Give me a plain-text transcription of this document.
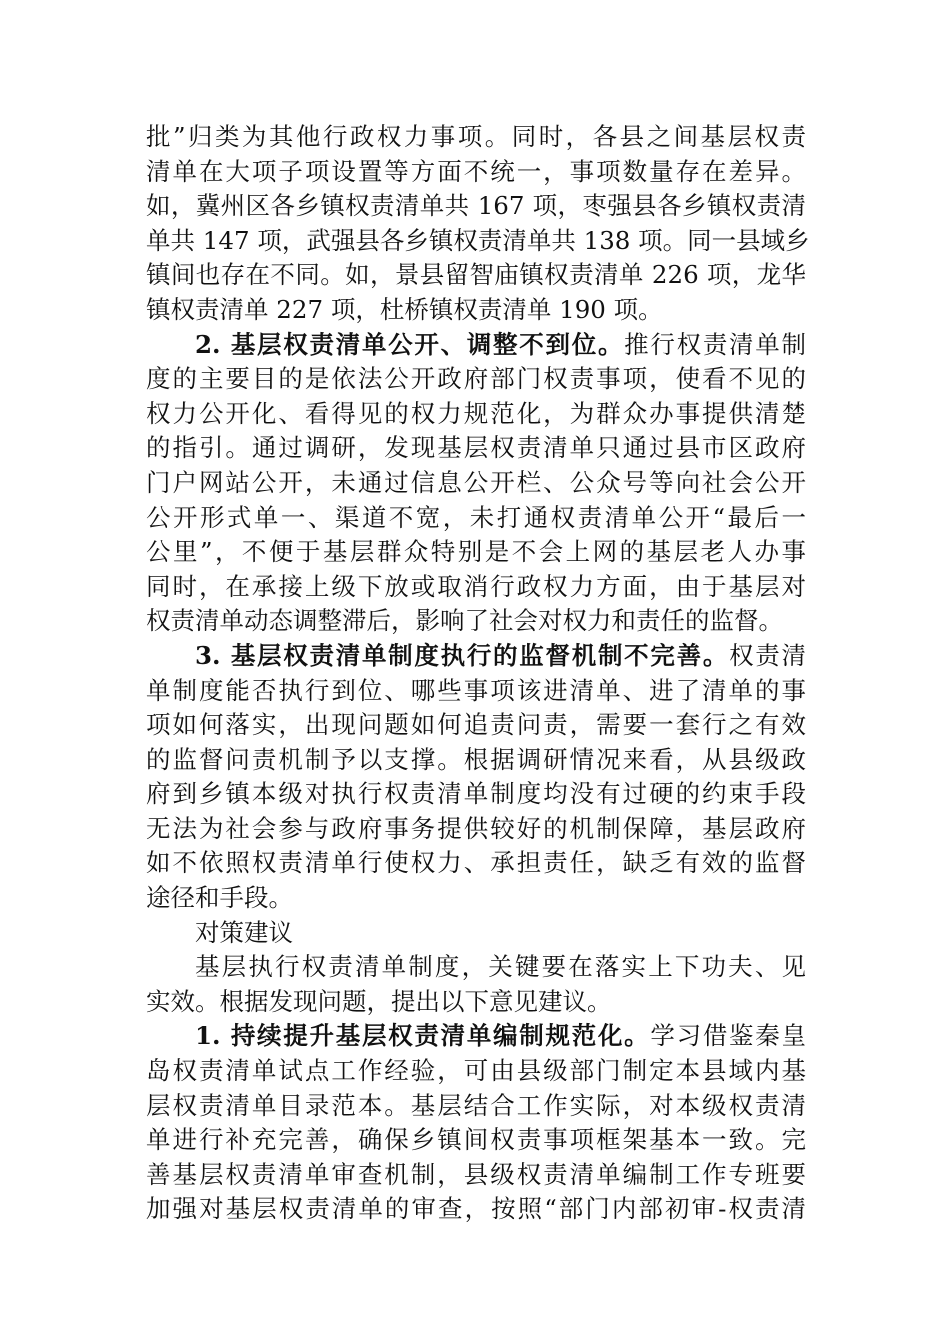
批”归类为其他行政权力事项。同时，各县之间基层权责
清单在大项子项设置等方面不统一，事项数量存在差异。
如，冀州区各乡镇权责清单共 167 项，枣强县各乡镇权责清
单共 147 项，武强县各乡镇权责清单共 138 项。同一县域乡
镇间也存在不同。如，景县留智庙镇权责清单 226 项，龙华
镇权责清单 227 项，杜桥镇权责清单 190 项。
2. 基层权责清单公开、调整不到位。推行权责清单制
度的主要目的是依法公开政府部门权责事项，使看不见的
权力公开化、看得见的权力规范化，为群众办事提供清楚
的指引。通过调研，发现基层权责清单只通过县市区政府
门户网站公开，未通过信息公开栏、公众号等向社会公开
公开形式单一、渠道不宽，未打通权责清单公开“最后一
公里”，不便于基层群众特别是不会上网的基层老人办事
同时，在承接上级下放或取消行政权力方面，由于基层对
权责清单动态调整滞后，影响了社会对权力和责任的监督。
3. 基层权责清单制度执行的监督机制不完善。权责清
单制度能否执行到位、哪些事项该进清单、进了清单的事
项如何落实，出现问题如何追责问责，需要一套行之有效
的监督问责机制予以支撑。根据调研情况来看，从县级政
府到乡镇本级对执行权责清单制度均没有过硬的约束手段
无法为社会参与政府事务提供较好的机制保障，基层政府
如不依照权责清单行使权力、承担责任，缺乏有效的监督
途径和手段。
对策建议
基层执行权责清单制度，关键要在落实上下功夫、见
实效。根据发现问题，提出以下意见建议。
1. 持续提升基层权责清单编制规范化。学习借鉴秦皇
岛权责清单试点工作经验，可由县级部门制定本县域内基
层权责清单目录范本。基层结合工作实际，对本级权责清
单进行补充完善，确保乡镇间权责事项框架基本一致。完
善基层权责清单审查机制，县级权责清单编制工作专班要
加强对基层权责清单的审查，按照“部门内部初审-权责清
